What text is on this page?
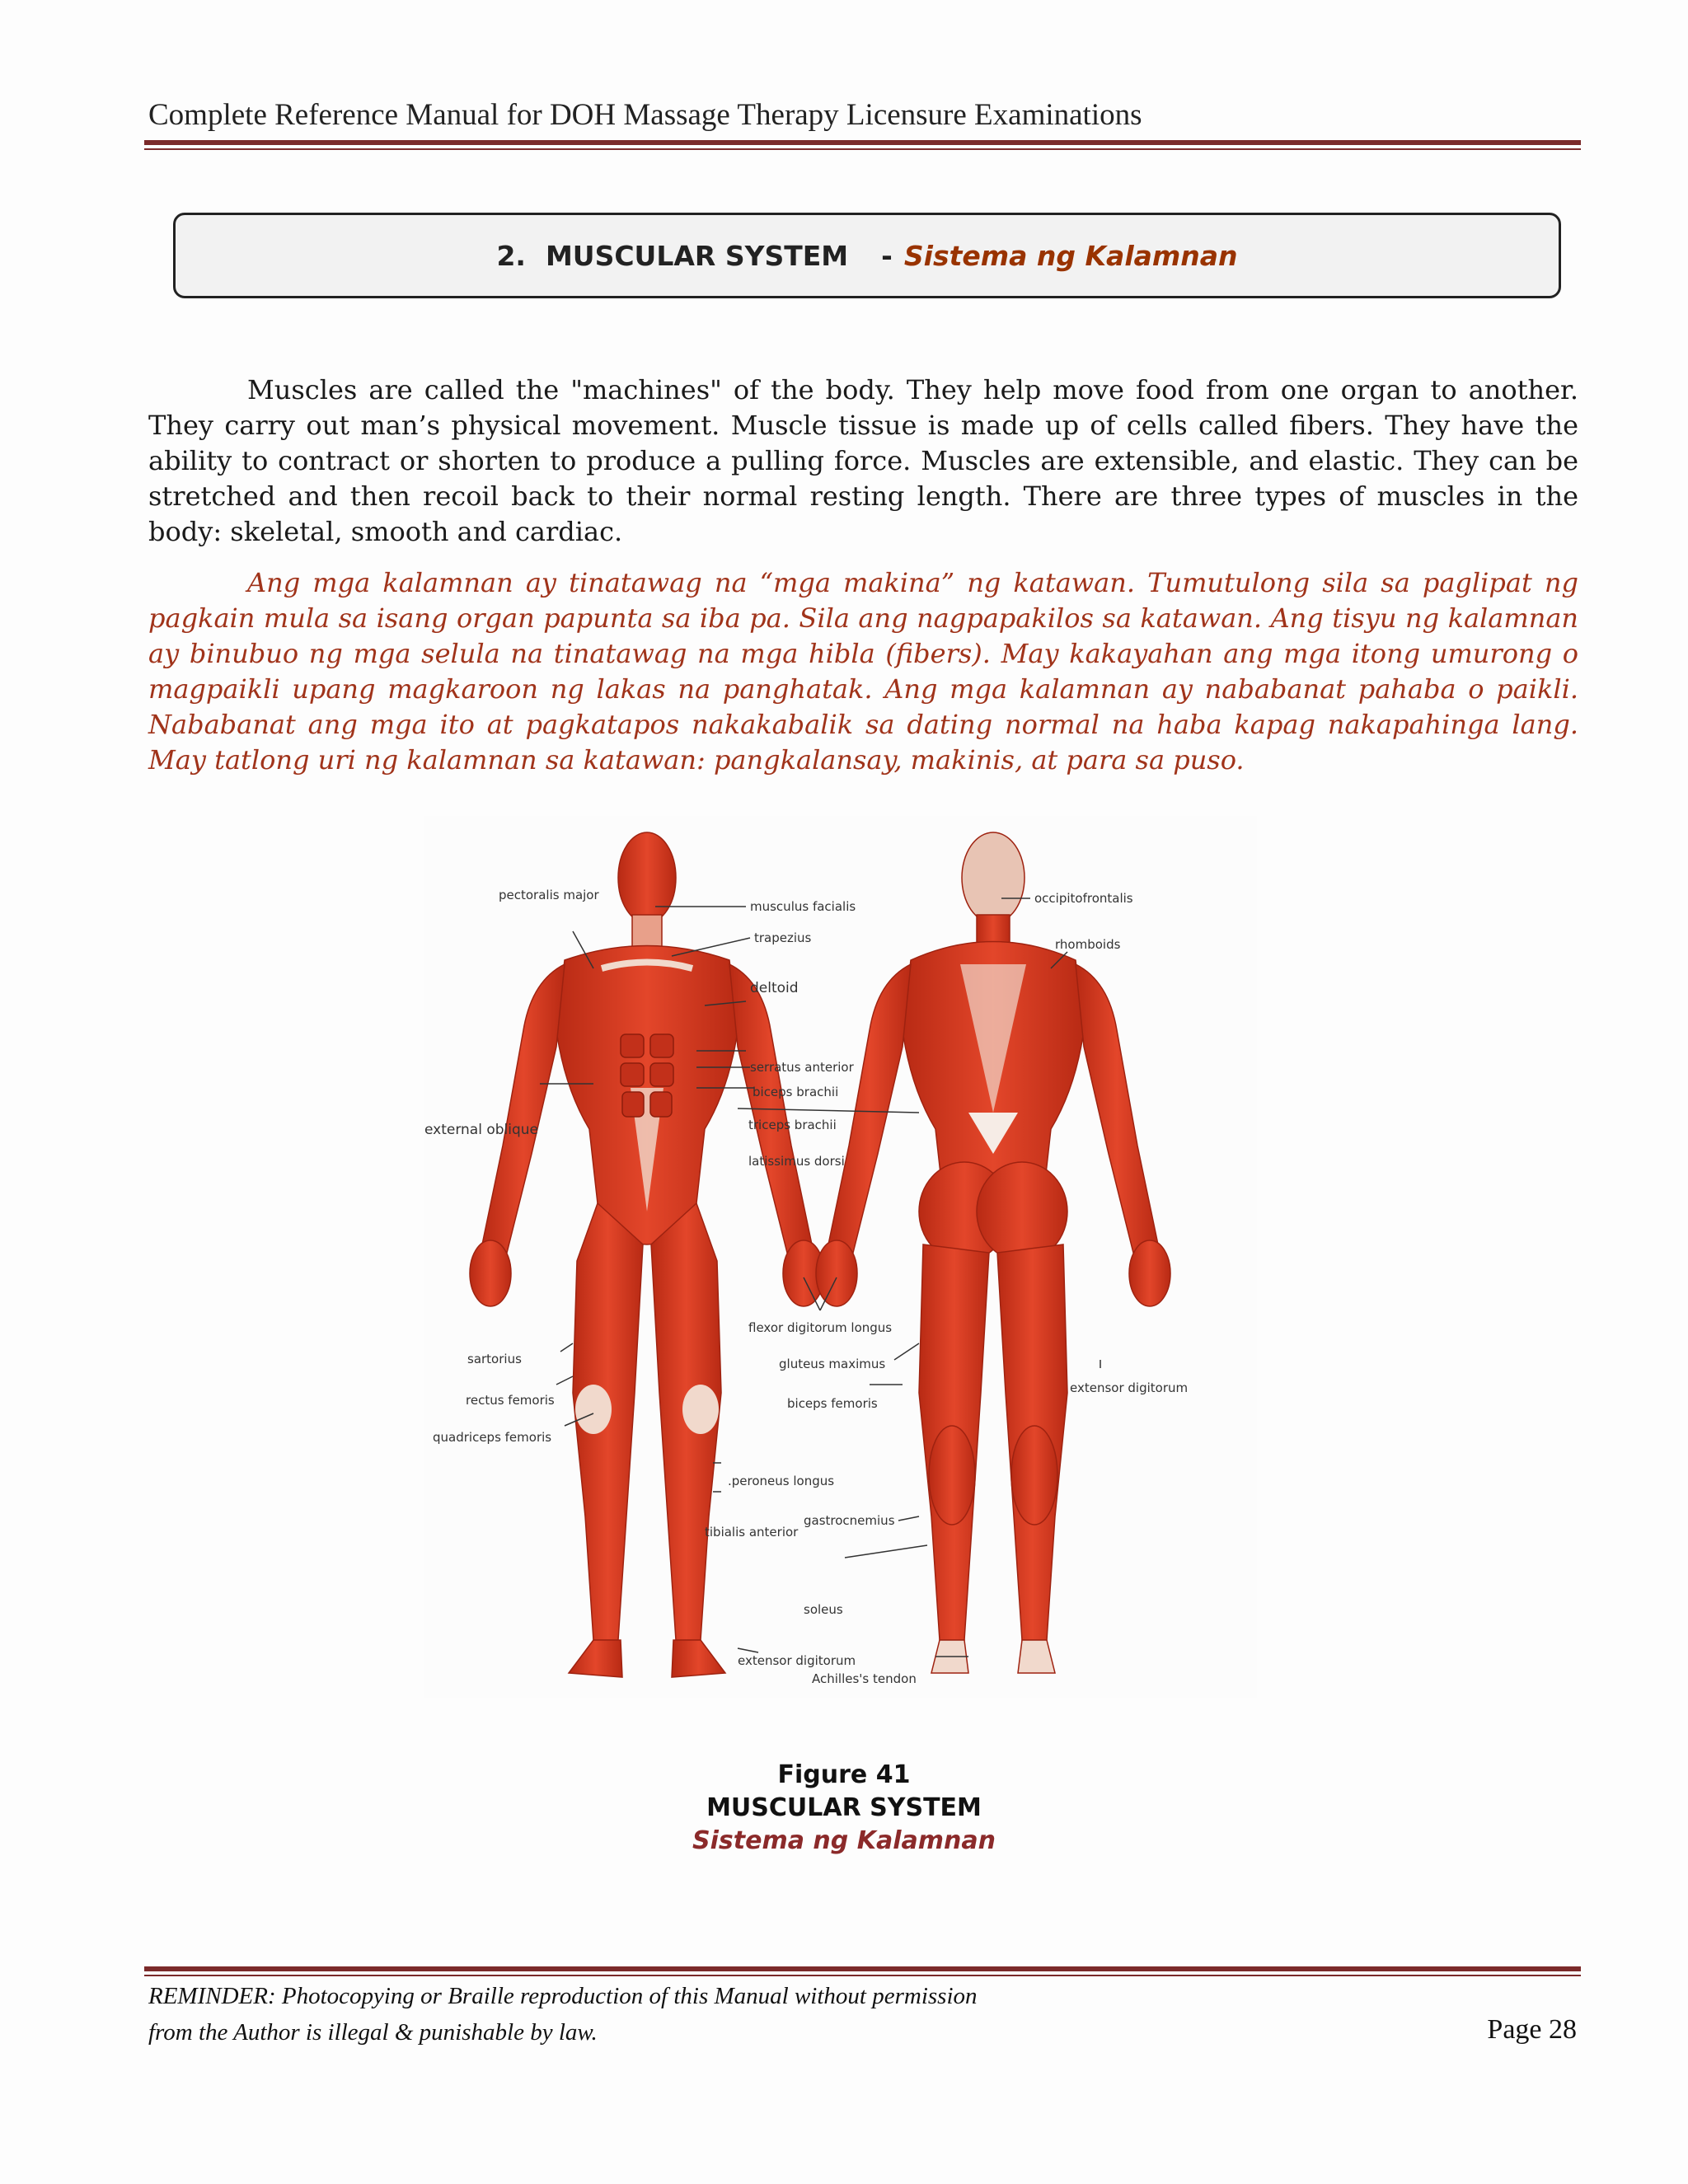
Complete Reference Manual for DOH Massage Therapy Licensure Examinations
2. MUSCULAR SYSTEM - Sistema ng Kalamnan

Muscles are called the "machines" of the body. They help move food from one organ to another. They carry out man’s physical movement. Muscle tissue is made up of cells called fibers. They have the ability to contract or shorten to produce a pulling force. Muscles are extensible, and elastic. They can be stretched and then recoil back to their normal resting length. There are three types of muscles in the body: skeletal, smooth and cardiac.

Ang mga kalamnan ay tinatawag na “mga makina” ng katawan. Tumutulong sila sa paglipat ng pagkain mula sa isang organ papunta sa iba pa. Sila ang nagpapakilos sa katawan. Ang tisyu ng kalamnan ay binubuo ng mga selula na tinatawag na mga hibla (fibers). May kakayahan ang mga itong umurong o magpaikli upang magkaroon ng lakas na panghatak. Ang mga kalamnan ay nababanat pahaba o paikli. Nababanat ang mga ito at pagkatapos nakakabalik sa dating normal na haba kapag nakapahinga lang. May tatlong uri ng kalamnan sa katawan: pangkalansay, makinis, at para sa puso.

pectoralis major
musculus facialis
occipitofrontalis
trapezius	rhomboids
deltoid
serratus anterior
biceps brachii
triceps brachii
external oblique
latissimus dorsi
flexor digitorum longus
sartorius	gluteus maximus
extensor digitorum
rectus femoris	biceps femoris
quadriceps femoris
.peroneus longus
gastrocnemius
tibialis anterior
soleus
extensor digitorum
Achilles's tendon
Figure 41
MUSCULAR SYSTEM
Sistema ng Kalamnan
REMINDER: Photocopying or Braille reproduction of this Manual without permission
from the Author is illegal & punishable by law.	Page 28
